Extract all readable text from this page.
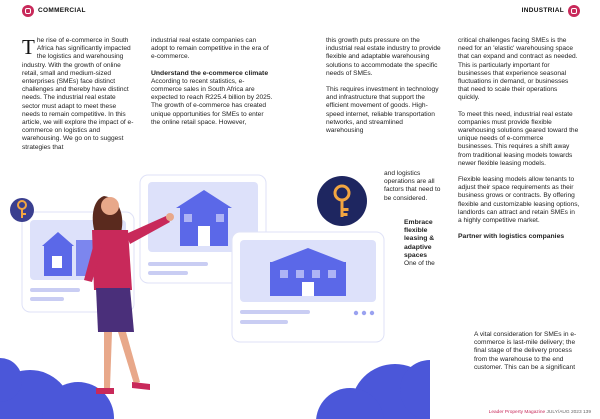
COMMERCIAL	INDUSTRIAL
T he rise of e-commerce in South Africa has significantly impacted the logistics and warehousing industry. With the growth of online retail, small and medium-sized enterprises (SMEs) face distinct challenges and thereby have distinct needs. The industrial real estate sector must adapt to meet these needs to remain competitive. In this article, we will explore the impact of e-commerce on logistics and warehousing. We go on to suggest strategies that

industrial real estate companies can adopt to remain competitive in the era of e-commerce.

Understand the e-commerce climate

According to recent statistics, e-commerce sales in South Africa are expected to reach R225.4 billion by 2025. The growth of e-commerce has created unique opportunities for SMEs to enter the online retail space. However,

this growth puts pressure on the industrial real estate industry to provide flexible and adaptable warehousing solutions to accommodate the specific needs of SMEs.

This requires investment in technology and infrastructure that support the efficient movement of goods. High-speed internet, reliable transportation networks, and streamlined warehousing

and logistics operations are all factors that need to be considered.

Embrace flexible leasing & adaptive spaces
One of the

critical challenges facing SMEs is the need for an 'elastic' warehousing space that can expand and contract as needed. This is particularly important for businesses that experience seasonal fluctuations in demand, or businesses that need to scale their operations quickly.

To meet this need, industrial real estate companies must provide flexible warehousing solutions geared toward the unique needs of e-commerce businesses. This requires a shift away from traditional leasing models towards newer flexible leasing models.

Flexible leasing models allow tenants to adjust their space requirements as their business grows or contracts. By offering flexible and customizable leasing options, landlords can attract and retain SMEs in a highly competitive market.

Partner with logistics companies

A vital consideration for SMEs in e-commerce is last-mile delivery; the final stage of the delivery process from the warehouse to the end customer. This can be a significant

Leader Property Magazine JULY/AUG 2023 139
